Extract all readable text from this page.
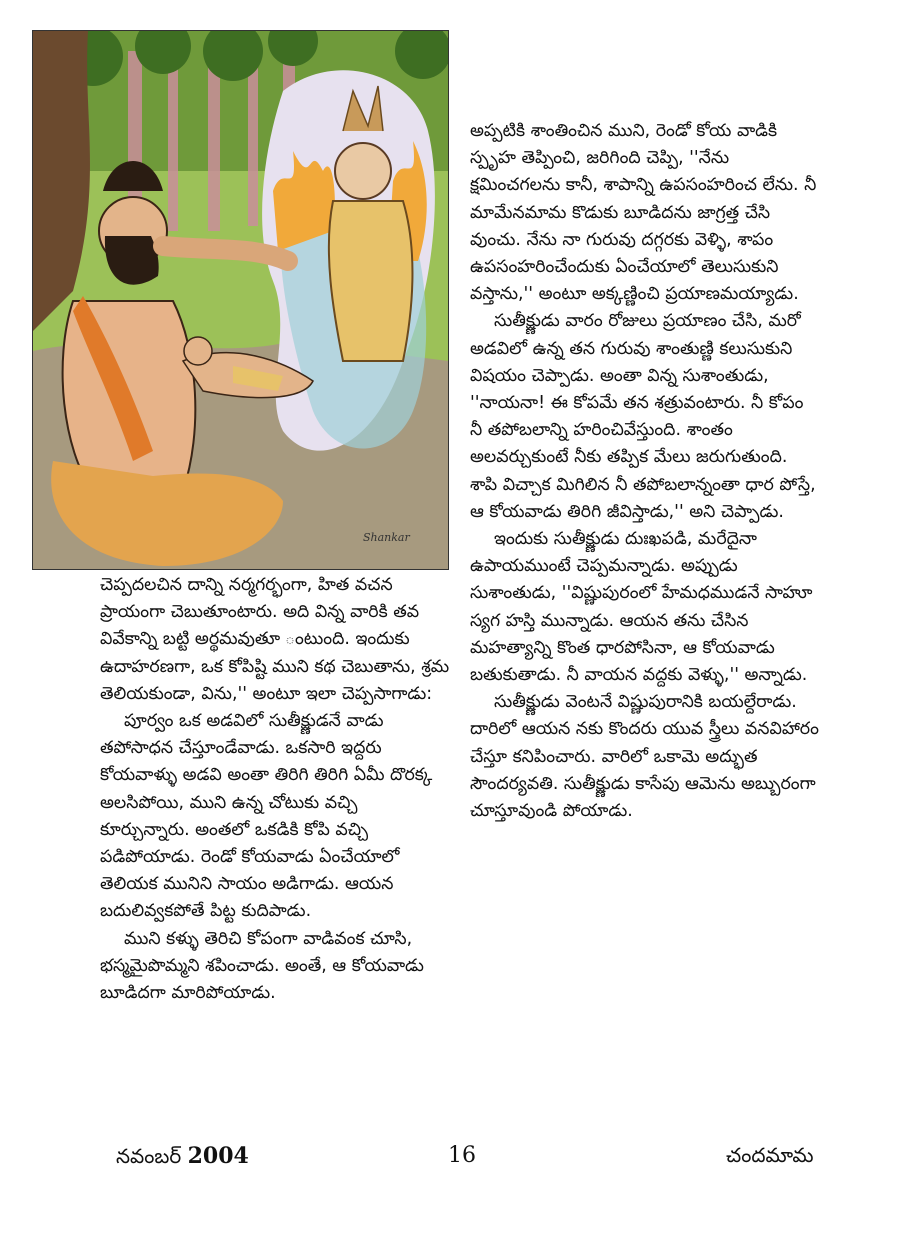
Shankar

అప్పటికి శాంతించిన ముని, రెండో కోయ వాడికి స్పృహ తెప్పించి, జరిగింది చెప్పి, ''నేను క్షమించగలను కానీ, శాపాన్ని ఉపసంహరించ లేను. నీ మామేనమామ కొడుకు బూడిదను జాగ్రత్త చేసి వుంచు. నేను నా గురువు దగ్గరకు వెళ్ళి, శాపం ఉపసంహరించేందుకు ఏంచేయాలో తెలుసుకుని వస్తాను,'' అంటూ అక్కణ్ణించి ప్రయాణమయ్యాడు.

సుతీక్ష్ణుడు వారం రోజులు ప్రయాణం చేసి, మరో అడవిలో ఉన్న తన గురువు శాంతుణ్ణి కలుసుకుని విషయం చెప్పాడు. అంతా విన్న సుశాంతుడు, ''నాయనా! ఈ కోపమే తన శత్రువంటారు. నీ కోపం నీ తపోబలాన్ని హరించివేస్తుంది. శాంతం అలవర్చుకుంటే నీకు తప్పిక మేలు జరుగుతుంది. శాపి విచ్చాక మిగిలిన నీ తపోబలాన్నంతా ధార పోస్తే, ఆ కోయవాడు తిరిగి జీవిస్తాడు,'' అని చెప్పాడు.

ఇందుకు సుతీక్ష్ణుడు దుఃఖపడి, మరేదైనా ఉపాయముంటే చెప్పమన్నాడు. అప్పుడు సుశాంతుడు, ''విష్ణుపురంలో హేమధముడనే సాహూ స్యగ హస్తి మున్నాడు. ఆయన తను చేసిన మహత్యాన్ని కొంత ధారపోసినా, ఆ కోయవాడు బతుకుతాడు. నీ వాయన వద్దకు వెళ్ళు,'' అన్నాడు.

సుతీక్ష్ణుడు వెంటనే విష్ణుపురానికి బయల్దేరాడు. దారిలో ఆయన నకు కొందరు యువ స్త్రీలు వనవిహారం చేస్తూ కనిపించారు. వారిలో ఒకామె అద్భుత సౌందర్యవతి. సుతీక్ష్ణుడు కాసేపు ఆమెను అబ్బురంగా చూస్తూవుండి పోయాడు.

చెప్పదలచిన దాన్ని నర్మగర్భంగా, హిత వచన ప్రాయంగా చెబుతూంటారు. అది విన్న వారికి తవ వివేకాన్ని బట్టి అర్థమవుతూ ంటుంది. ఇందుకు ఉదాహరణగా, ఒక కోపిష్టి ముని కథ చెబుతాను, శ్రమ తెలియకుండా, విను,'' అంటూ ఇలా చెప్పసాగాడు:

పూర్వం ఒక అడవిలో సుతీక్ష్ణుడనే వాడు తపోసాధన చేస్తూండేవాడు. ఒకసారి ఇద్దరు కోయవాళ్ళు అడవి అంతా తిరిగి తిరిగి ఏమీ దొరక్క అలసిపోయి, ముని ఉన్న చోటుకు వచ్చి కూర్చున్నారు. అంతలో ఒకడికి కోపి వచ్చి పడిపోయాడు. రెండో కోయవాడు ఏంచేయాలో తెలియక మునిని సాయం అడిగాడు. ఆయన బదులివ్వకపోతే పిట్ట కుదిపాడు.

ముని కళ్ళు తెరిచి కోపంగా వాడివంక చూసి, భస్మమైపొమ్మని శపించాడు. అంతే, ఆ కోయవాడు బూడిదగా మారిపోయాడు.

నవంబర్ 2004	16	చందమామ
